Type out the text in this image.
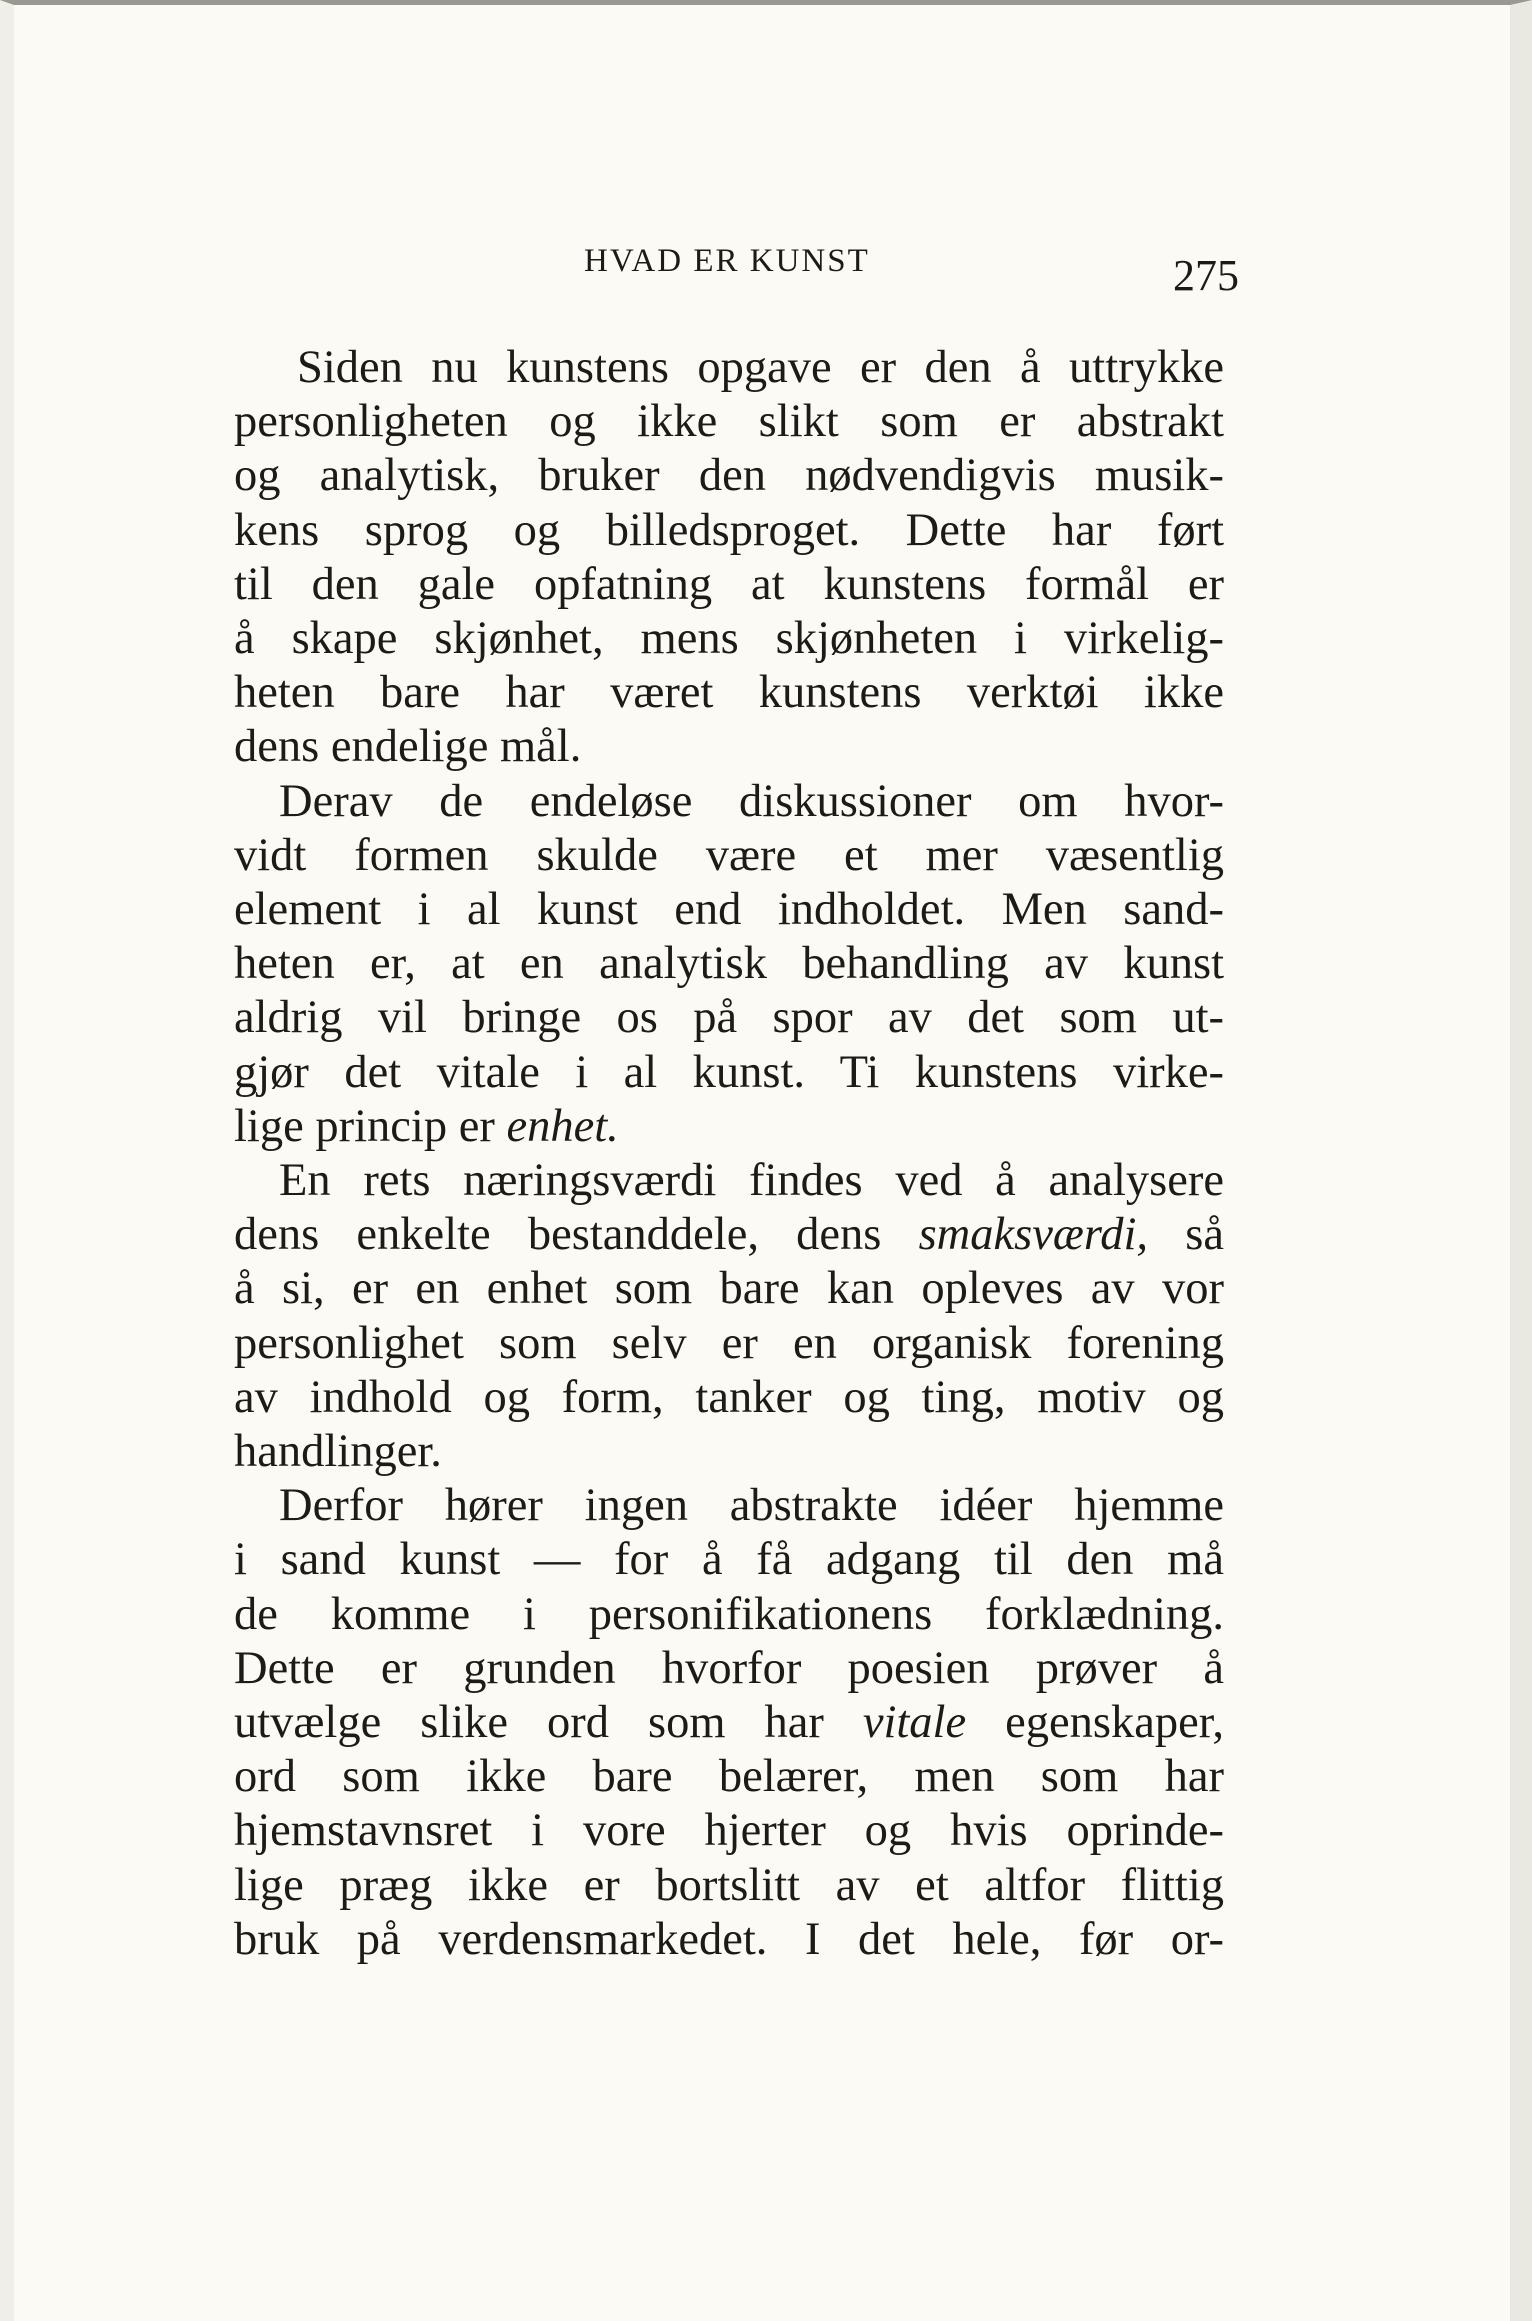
HVAD ER KUNST	275

Siden nu kunstens opgave er den å uttrykke
personligheten og ikke slikt som er abstrakt
og analytisk, bruker den nødvendigvis musik-
kens sprog og billedsproget. Dette har ført
til den gale opfatning at kunstens formål er
å skape skjønhet, mens skjønheten i virkelig-
heten bare har været kunstens verktøi ikke
dens endelige mål.

Derav de endeløse diskussioner om hvor-
vidt formen skulde være et mer væsentlig
element i al kunst end indholdet. Men sand-
heten er, at en analytisk behandling av kunst
aldrig vil bringe os på spor av det som ut-
gjør det vitale i al kunst. Ti kunstens virke-
lige princip er enhet.

En rets næringsværdi findes ved å analysere
dens enkelte bestanddele, dens smaksværdi, så
å si, er en enhet som bare kan opleves av vor
personlighet som selv er en organisk forening
av indhold og form, tanker og ting, motiv og
handlinger.

Derfor hører ingen abstrakte idéer hjemme
i sand kunst — for å få adgang til den må
de komme i personifikationens forklædning.
Dette er grunden hvorfor poesien prøver å
utvælge slike ord som har vitale egenskaper,
ord som ikke bare belærer, men som har
hjemstavnsret i vore hjerter og hvis oprinde-
lige præg ikke er bortslitt av et altfor flittig
bruk på verdensmarkedet. I det hele, før or-
